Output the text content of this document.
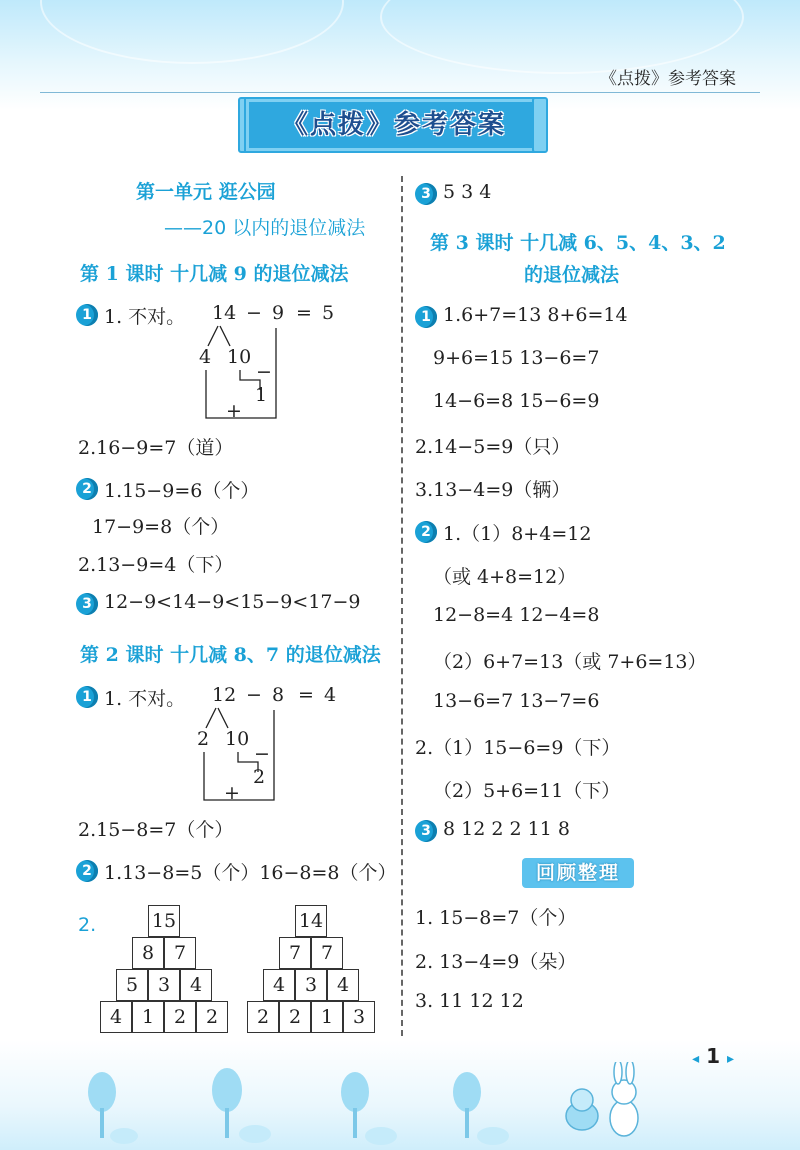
《点拨》参考答案
《点拨》参考答案
第一单元 逛公园
——20 以内的退位减法
第 1 课时 十几减 9 的退位减法
1 1. 不对。 14 − 9 = 5
4 10
−
1
+
2.16−9=7（道）
2 1.15−9=6（个）
17−9=8（个）
2.13−9=4（下）
3 12−9<14−9<15−9<17−9
第 2 课时 十几减 8、7 的退位减法
1 1. 不对。 12 − 8 = 4
2 10
−
2
+
2.15−8=7（个）
2 1.13−8=5（个）16−8=8（个）
2.	15
8	7
5	3	4
4	1	2	2
14
7	7
4	3	4
2	2	1	3
3 5 3 4
第 3 课时 十几减 6、5、4、3、2
的退位减法
1 1.6+7=13 8+6=14
9+6=15 13−6=7
14−6=8 15−6=9
2.14−5=9（只）
3.13−4=9（辆）
2 1.（1）8+4=12
（或 4+8=12）
12−8=4 12−4=8
（2）6+7=13（或 7+6=13）
13−6=7 13−7=6
2.（1）15−6=9（下）
（2）5+6=11（下）
3 8 12 2 2 11 8
回顾整理
1. 15−8=7（个）
2. 13−4=9（朵）
3. 11 12 12
◂ 1 ▸
